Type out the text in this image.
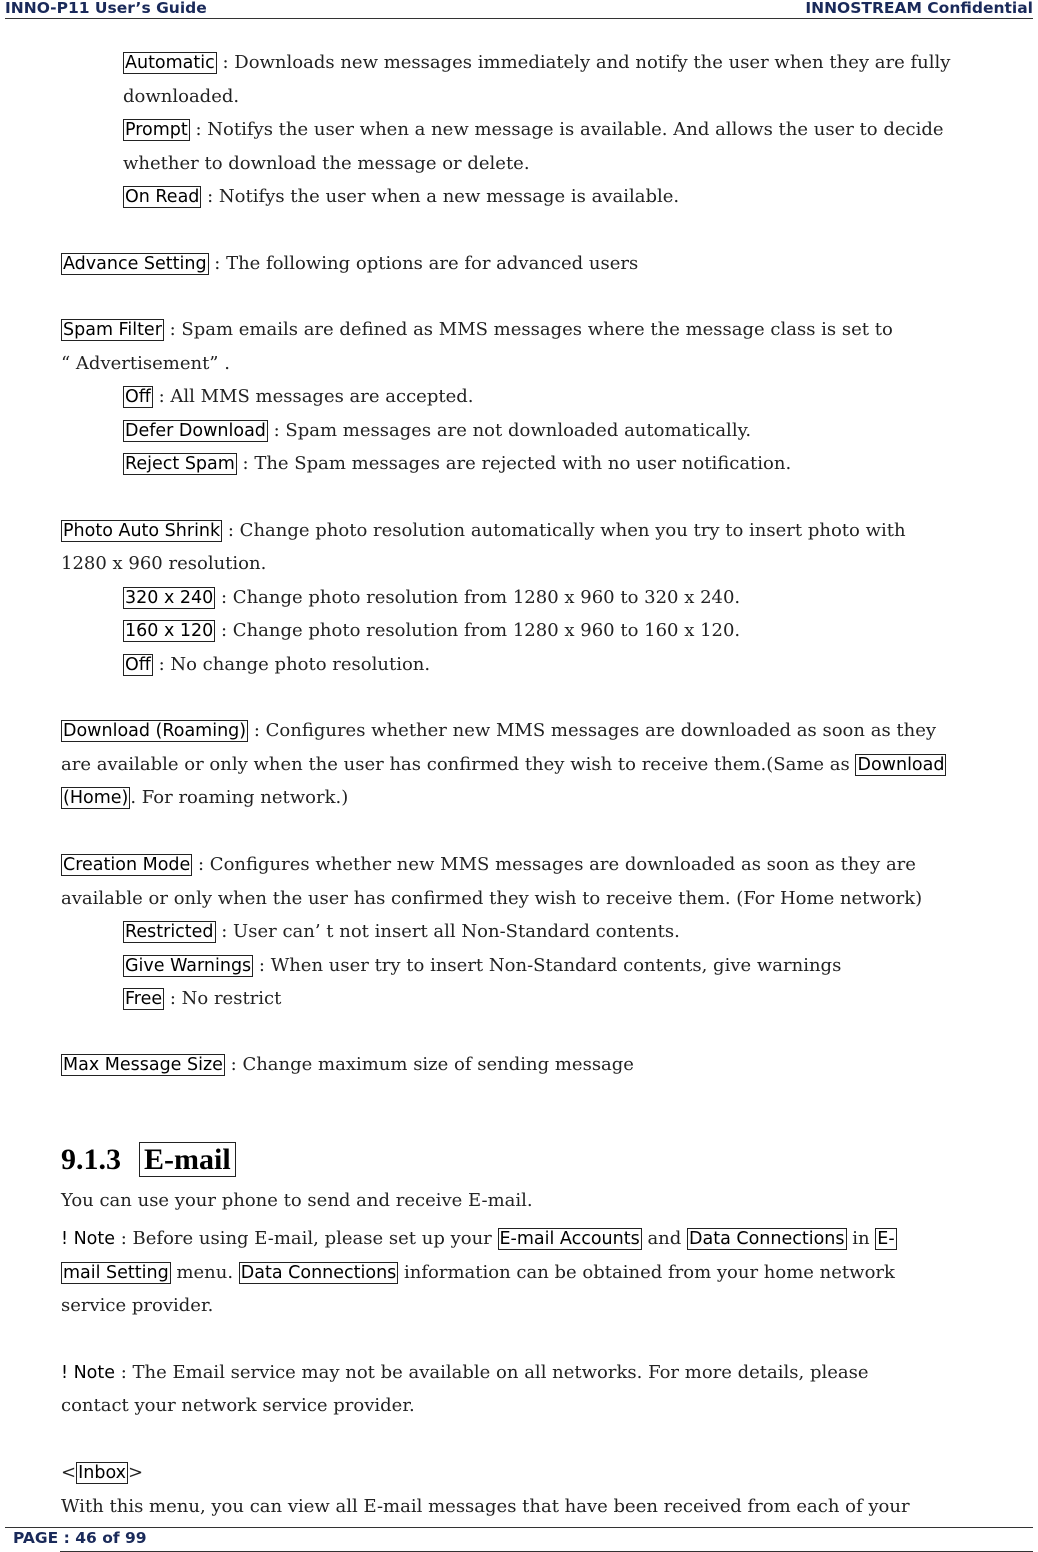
INNO-P11 User’s Guide	INNOSTREAM Confidential
Automatic : Downloads new messages immediately and notify the user when they are fully
downloaded.
Prompt : Notifys the user when a new message is available. And allows the user to decide
whether to download the message or delete.
On Read : Notifys the user when a new message is available.
Advance Setting : The following options are for advanced users
Spam Filter : Spam emails are defined as MMS messages where the message class is set to
“ Advertisement” .
Off : All MMS messages are accepted.
Defer Download : Spam messages are not downloaded automatically.
Reject Spam : The Spam messages are rejected with no user notification.
Photo Auto Shrink : Change photo resolution automatically when you try to insert photo with
1280 x 960 resolution.
320 x 240 : Change photo resolution from 1280 x 960 to 320 x 240.
160 x 120 : Change photo resolution from 1280 x 960 to 160 x 120.
Off : No change photo resolution.
Download (Roaming) : Configures whether new MMS messages are downloaded as soon as they
are available or only when the user has confirmed they wish to receive them.(Same as Download
(Home) . For roaming network.)
Creation Mode : Configures whether new MMS messages are downloaded as soon as they are
available or only when the user has confirmed they wish to receive them. (For Home network)
Restricted : User can’ t not insert all Non-Standard contents.
Give Warnings : When user try to insert Non-Standard contents, give warnings
Free : No restrict
Max Message Size : Change maximum size of sending message
9.1.3 E-mail
You can use your phone to send and receive E-mail.
! Note : Before using E-mail, please set up your E-mail Accounts and Data Connections in E-
mail Setting menu. Data Connections information can be obtained from your home network
service provider.
! Note : The Email service may not be available on all networks. For more details, please
contact your network service provider.
< Inbox >
With this menu, you can view all E-mail messages that have been received from each of your
PAGE : 46 of 99
